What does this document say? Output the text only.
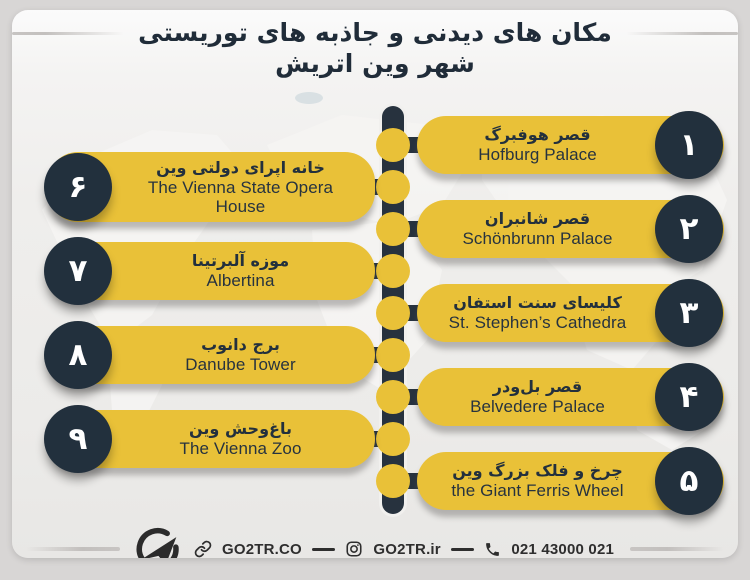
مکان های دیدنی و جاذبه های توریستی
شهر وین اتریش
قصر هوفبرگ
Hofburg Palace	۱
قصر شانبران
Schönbrunn Palace	۲
کلیسای سنت استفان
St. Stephen’s Cathedra	۳
قصر بل‌ودر
Belvedere Palace	۴
چرخ و فلک بزرگ وین
the Giant Ferris Wheel	۵
خانه اپرای دولتی وین
The Vienna State Opera House
۶
موزه آلبرتینا
Albertina
۷
برج دانوب
Danube Tower
۸
باغ‌وحش وین
The Vienna Zoo
۹
GO2TR.CO	GO2TR.ir	021 43000 021
